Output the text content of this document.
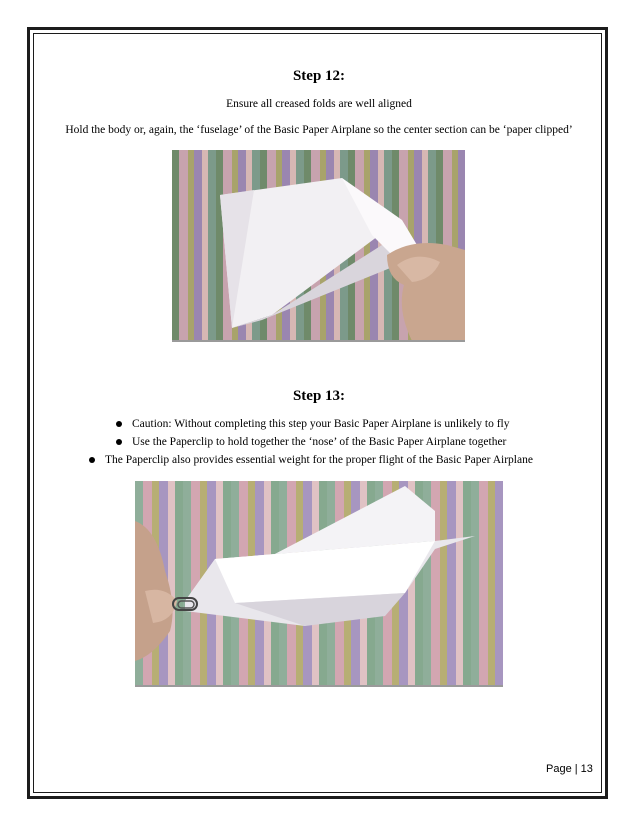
Step 12:
Ensure all creased folds are well aligned
Hold the body or, again, the ‘fuselage’ of the Basic Paper Airplane so the center section can be ‘paper clipped’
Step 13:
Caution: Without completing this step your Basic Paper Airplane is unlikely to fly
Use the Paperclip to hold together the ‘nose’ of the Basic Paper Airplane together
The Paperclip also provides essential weight for the proper flight of the Basic Paper Airplane
Page | 13
